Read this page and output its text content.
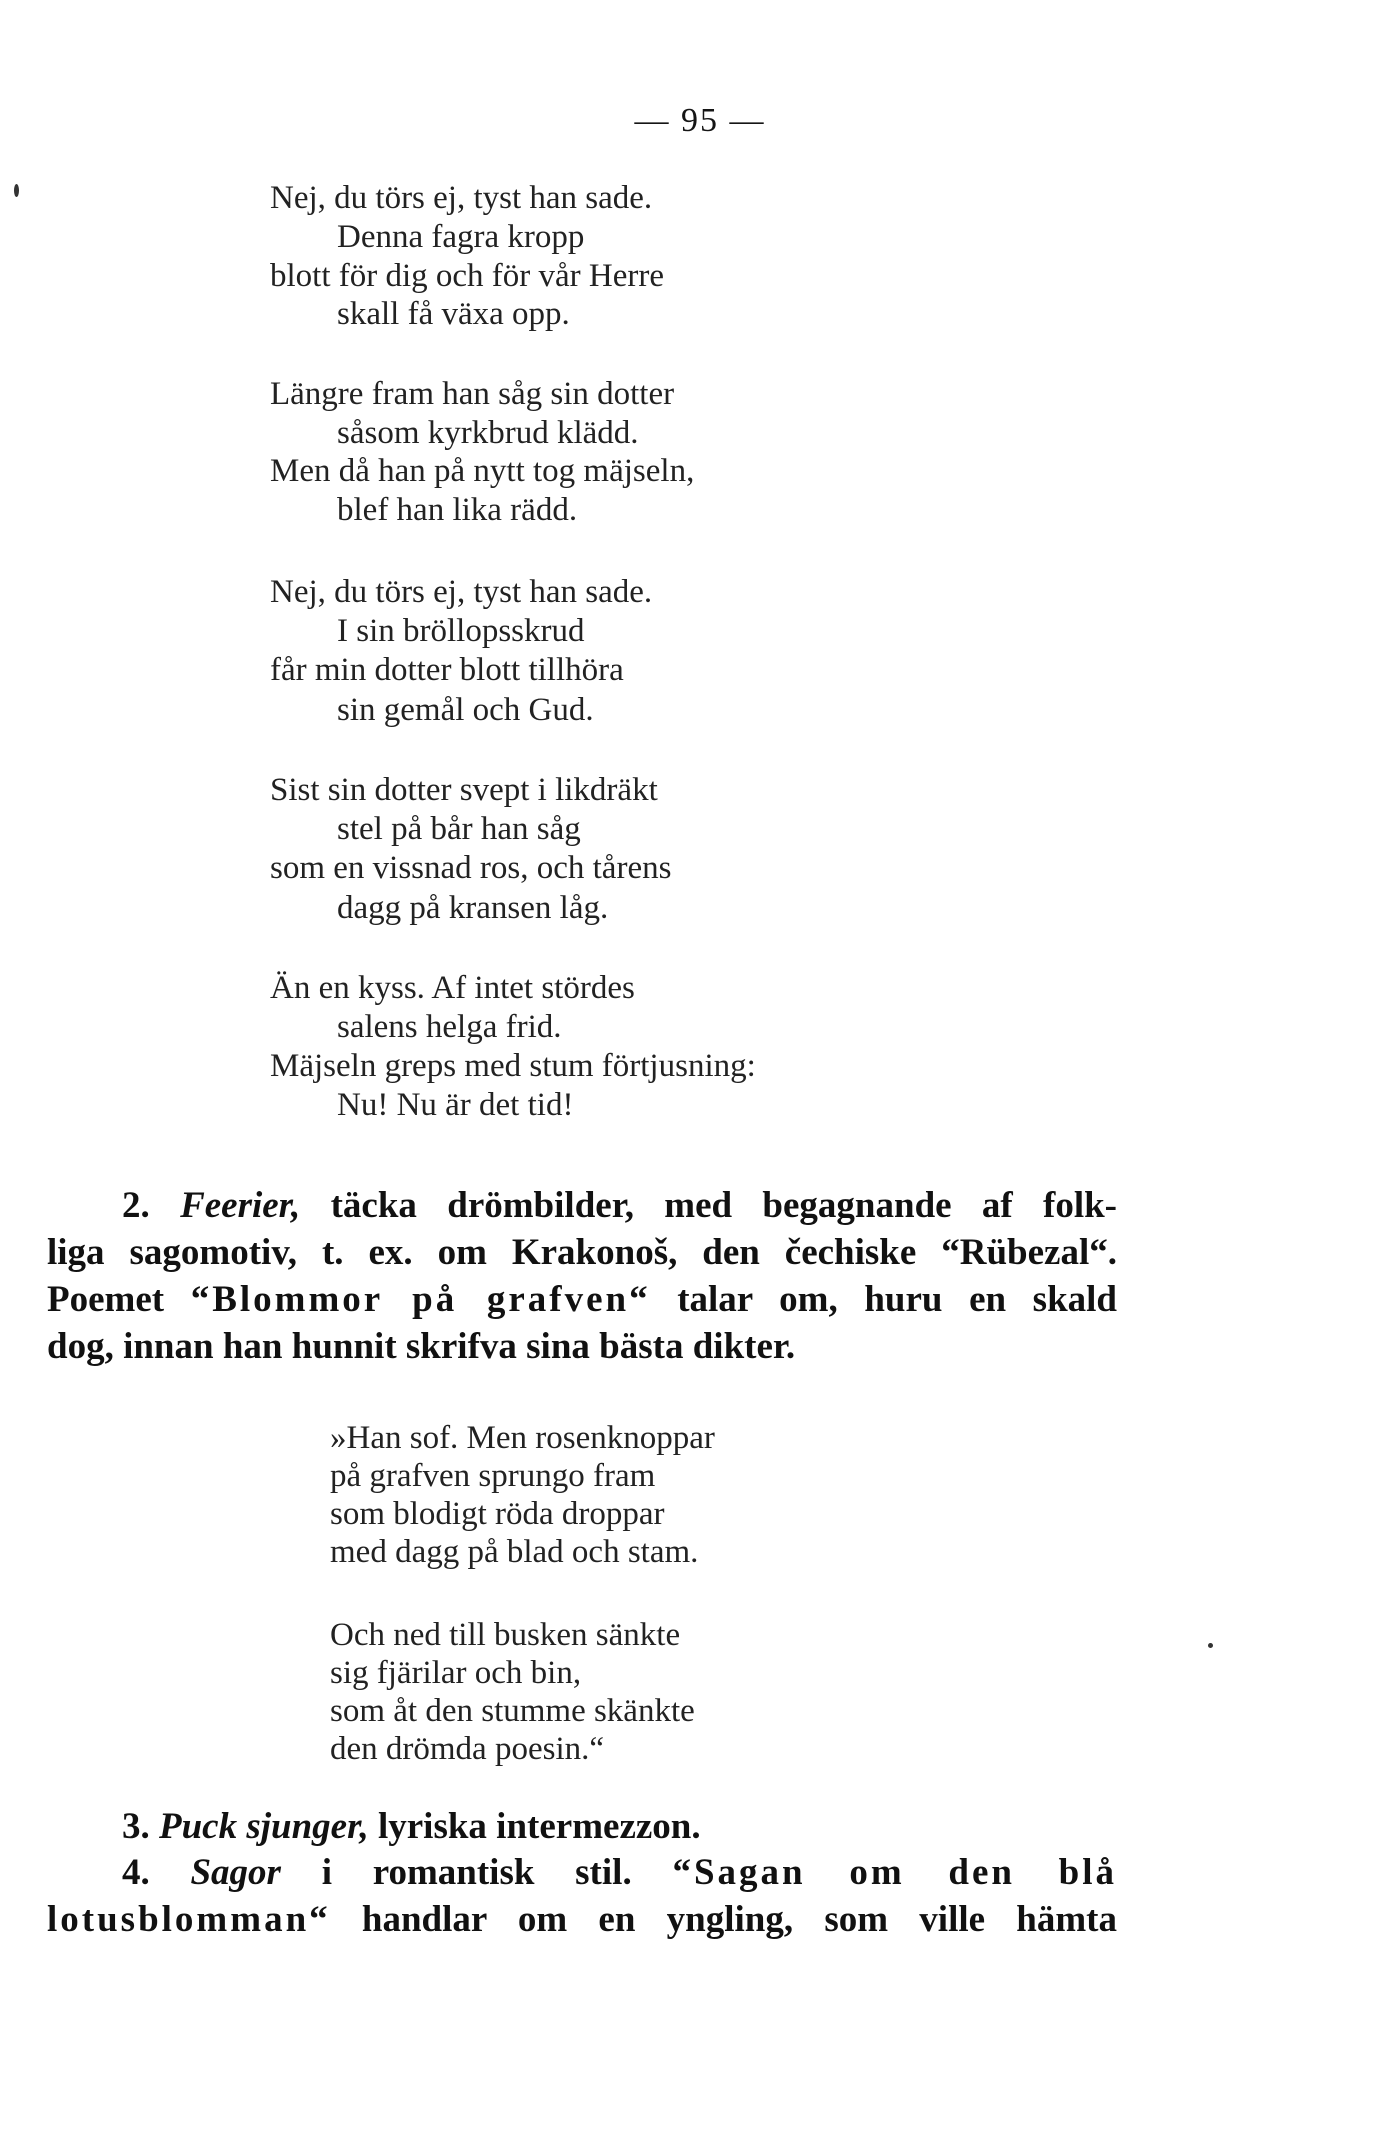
— 95 —
Nej, du törs ej, tyst han sade.
Denna fagra kropp
blott för dig och för vår Herre
skall få växa opp.
Längre fram han såg sin dotter
såsom kyrkbrud klädd.
Men då han på nytt tog mäjseln,
blef han lika rädd.
Nej, du törs ej, tyst han sade.
I sin bröllopsskrud
får min dotter blott tillhöra
sin gemål och Gud.
Sist sin dotter svept i likdräkt
stel på bår han såg
som en vissnad ros, och tårens
dagg på kransen låg.
Än en kyss. Af intet stördes
salens helga frid.
Mäjseln greps med stum förtjusning:
Nu! Nu är det tid!
2. Feerier, täcka drömbilder, med begagnande af folk-
liga sagomotiv, t. ex. om Krakonoš, den čechiske “Rübezal“.
Poemet “Blommor på grafven“ talar om, huru en skald
dog, innan han hunnit skrifva sina bästa dikter.
»Han sof. Men rosenknoppar
på grafven sprungo fram
som blodigt röda droppar
med dagg på blad och stam.
Och ned till busken sänkte
sig fjärilar och bin,
som åt den stumme skänkte
den drömda poesin.“
3. Puck sjunger, lyriska intermezzon.
4. Sagor i romantisk stil. “Sagan om den blå
lotusblomman“ handlar om en yngling, som ville hämta
